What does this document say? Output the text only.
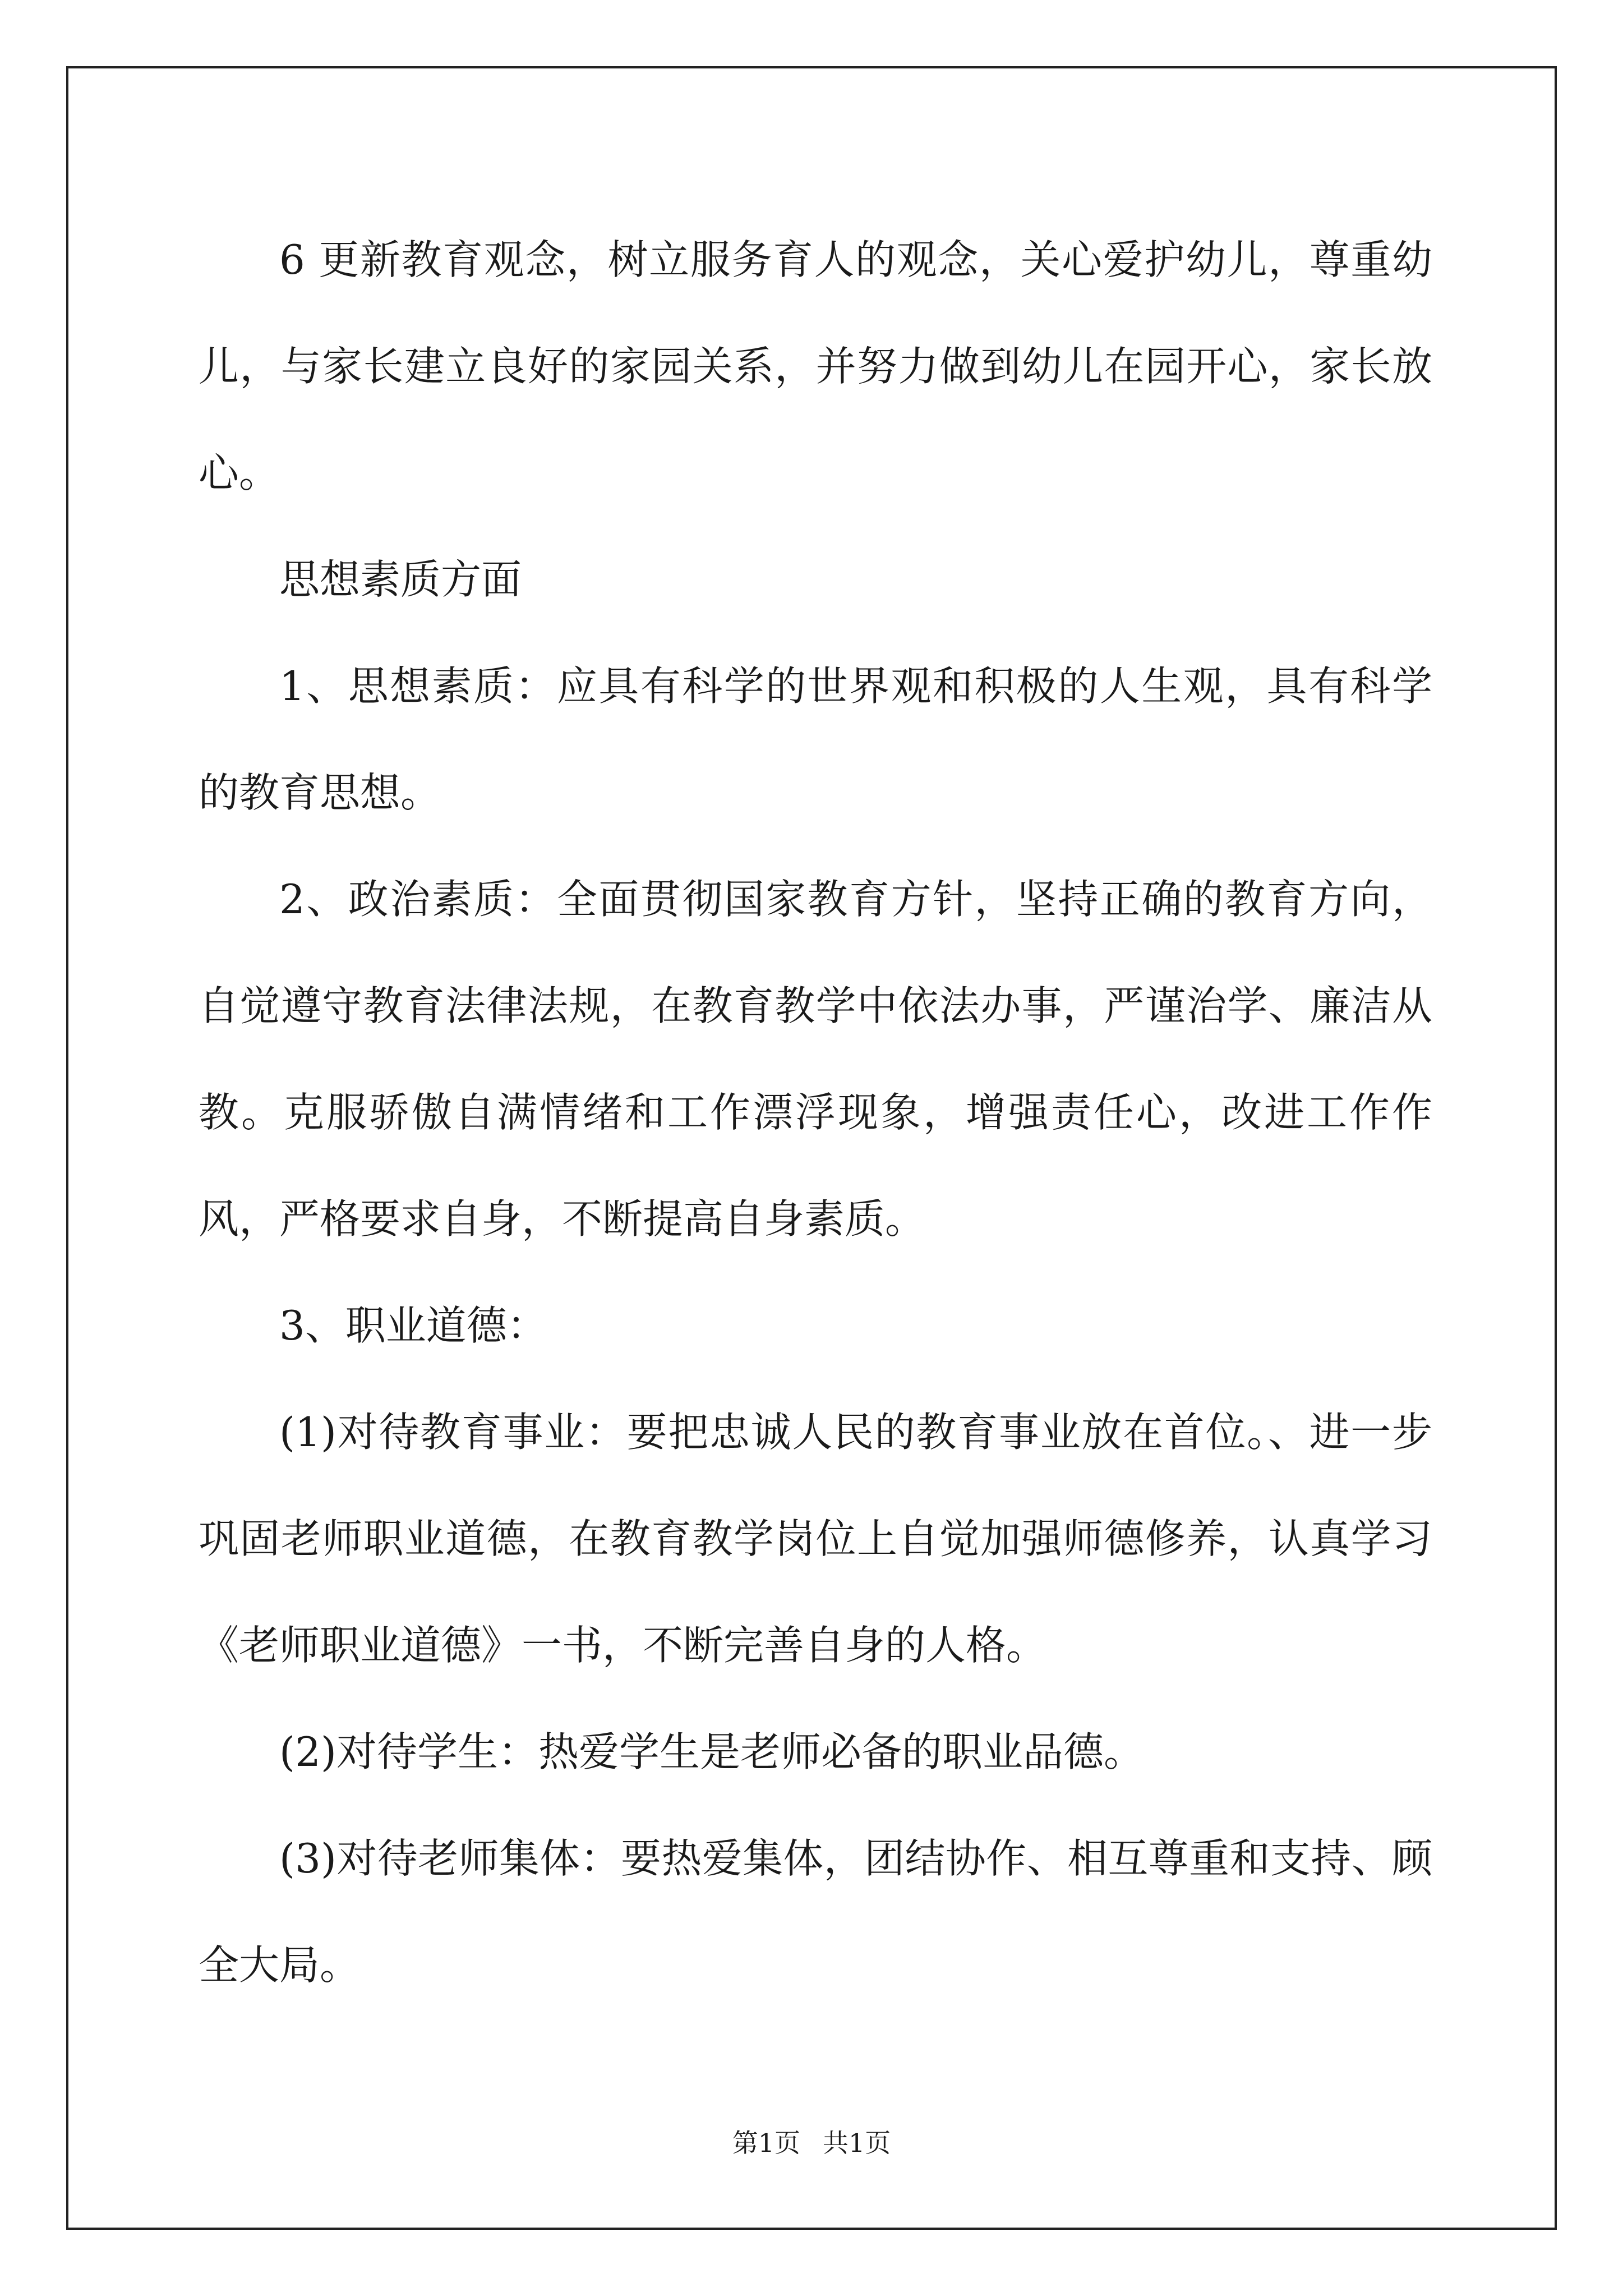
6 更新教育观念，树立服务育人的观念，关心爱护幼儿，尊重幼儿，与家长建立良好的家园关系，并努力做到幼儿在园开心，家长放心。

思想素质方面

1、思想素质：应具有科学的世界观和积极的人生观，具有科学的教育思想。

2、政治素质：全面贯彻国家教育方针，坚持正确的教育方向，自觉遵守教育法律法规，在教育教学中依法办事，严谨治学、廉洁从教。克服骄傲自满情绪和工作漂浮现象，增强责任心，改进工作作风，严格要求自身，不断提高自身素质。

3、职业道德：

(1)对待教育事业：要把忠诚人民的教育事业放在首位。、进一步巩固老师职业道德，在教育教学岗位上自觉加强师德修养，认真学习《老师职业道德》一书，不断完善自身的人格。

(2)对待学生：热爱学生是老师必备的职业品德。

(3)对待老师集体：要热爱集体，团结协作、相互尊重和支持、顾全大局。

第1页 共1页
